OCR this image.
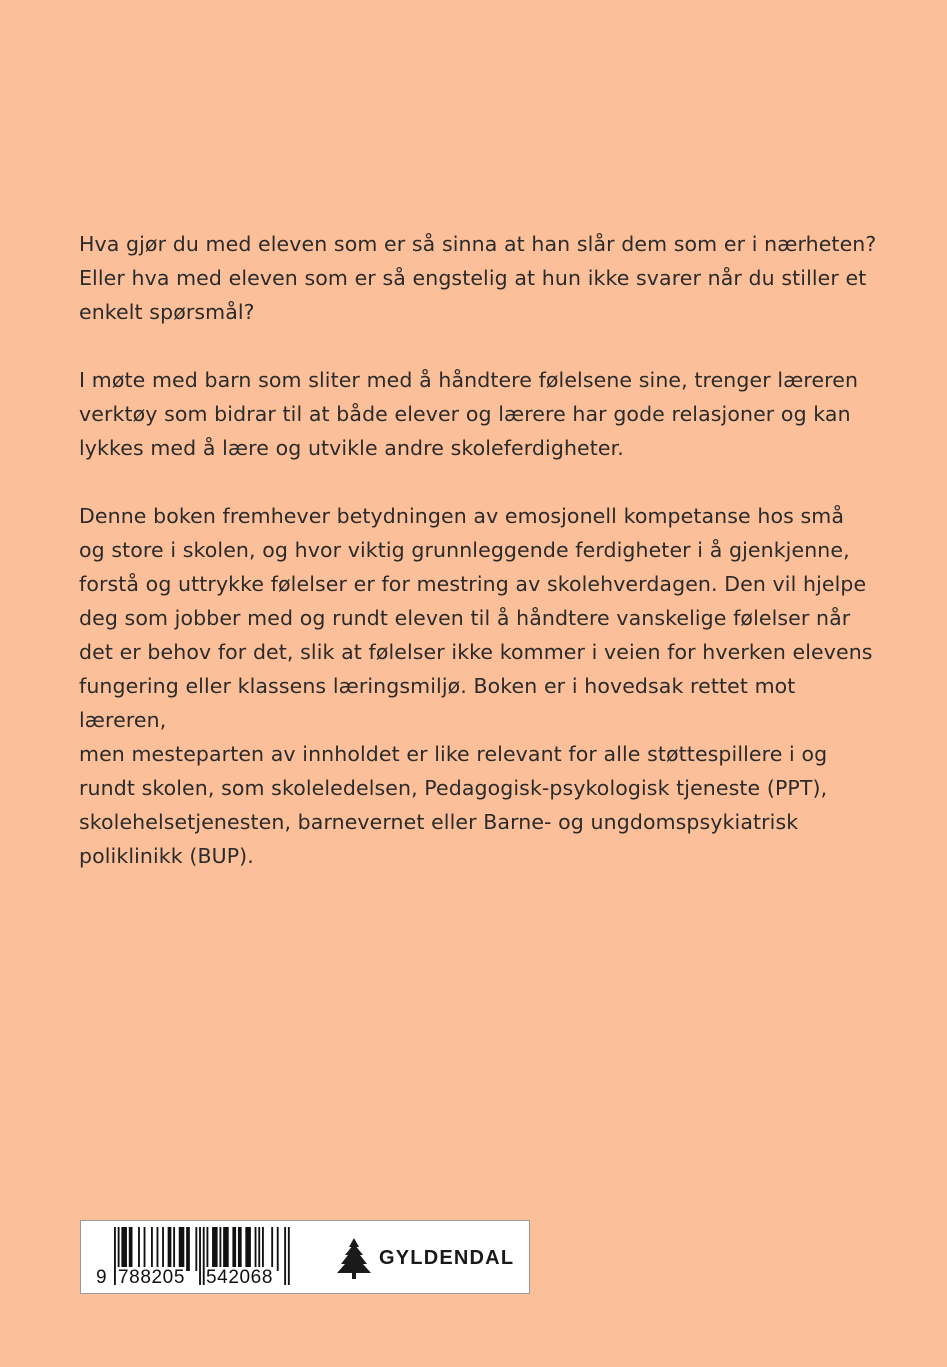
Hva gjør du med eleven som er så sinna at han slår dem som er i nærheten?
Eller hva med eleven som er så engstelig at hun ikke svarer når du stiller et
enkelt spørsmål?

I møte med barn som sliter med å håndtere følelsene sine, trenger læreren
verktøy som bidrar til at både elever og lærere har gode relasjoner og kan
lykkes med å lære og utvikle andre skoleferdigheter.

Denne boken fremhever betydningen av emosjonell kompetanse hos små
og store i skolen, og hvor viktig grunnleggende ferdigheter i å gjenkjenne,
forstå og uttrykke følelser er for mestring av skolehverdagen. Den vil hjelpe
deg som jobber med og rundt eleven til å håndtere vanskelige følelser når
det er behov for det, slik at følelser ikke kommer i veien for hverken elevens
fungering eller klassens læringsmiljø. Boken er i hovedsak rettet mot læreren,
men mesteparten av innholdet er like relevant for alle støttespillere i og
rundt skolen, som skoleledelsen, Pedagogisk-psykologisk tjeneste (PPT),
skolehelsetjenesten, barnevernet eller Barne- og ungdomspsykiatrisk
poliklinikk (BUP).

9 788205 542068
GYLDENDAL
